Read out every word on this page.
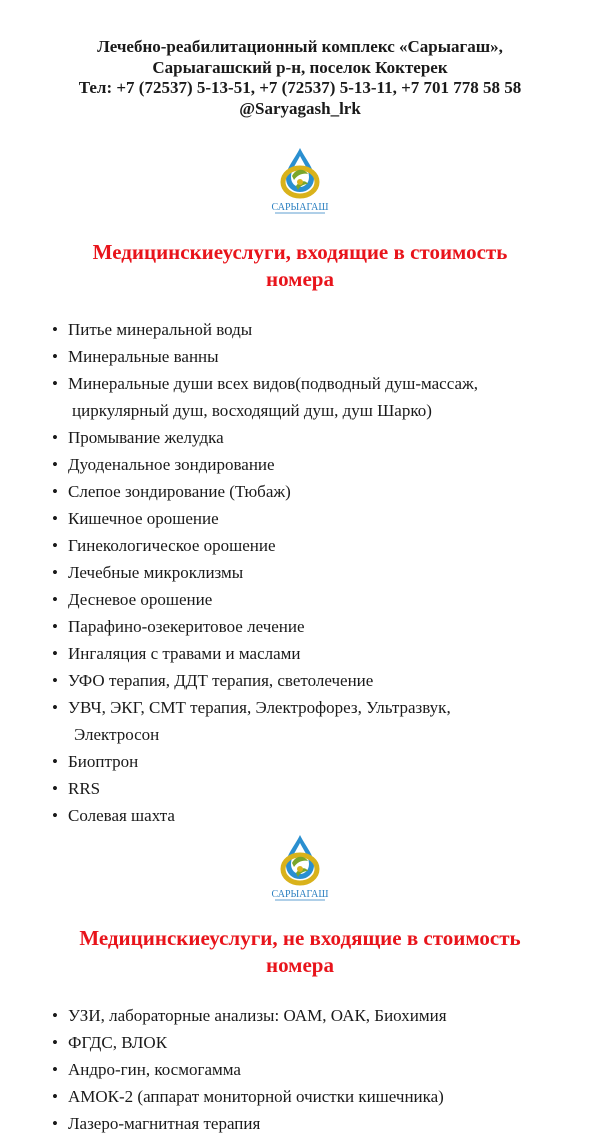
Лечебно-реабилитационный комплекс «Сарыагаш»,
Сарыагашский р-н, поселок Коктерек
Тел: +7 (72537) 5-13-51, +7 (72537) 5-13-11, +7 701 778 58 58
@Saryagash_lrk
САРЫАГАШ
Медицинскиеуслуги, входящие в стоимость
номера
• Питье минеральной воды
• Минеральные ванны
• Минеральные души всех видов(подводный душ-массаж,
циркулярный душ, восходящий душ, душ Шарко)
• Промывание желудка
• Дуоденальное зондирование
• Слепое зондирование (Тюбаж)
• Кишечное орошение
• Гинекологическое орошение
• Лечебные микроклизмы
• Десневое орошение
• Парафино-озекеритовое лечение
• Ингаляция с травами и маслами
• УФО терапия, ДДТ терапия, светолечение
• УВЧ, ЭКГ, СМТ терапия, Электрофорез, Ультразвук,
Электросон
• Биоптрон
• RRS
• Солевая шахта
САРЫАГАШ
Медицинскиеуслуги, не входящие в стоимость
номера
• УЗИ, лабораторные анализы: ОАМ, ОАК, Биохимия
• ФГДС, ВЛОК
• Андро-гин, космогамма
• АМОК-2 (аппарат мониторной очистки кишечника)
• Лазеро-магнитная терапия
